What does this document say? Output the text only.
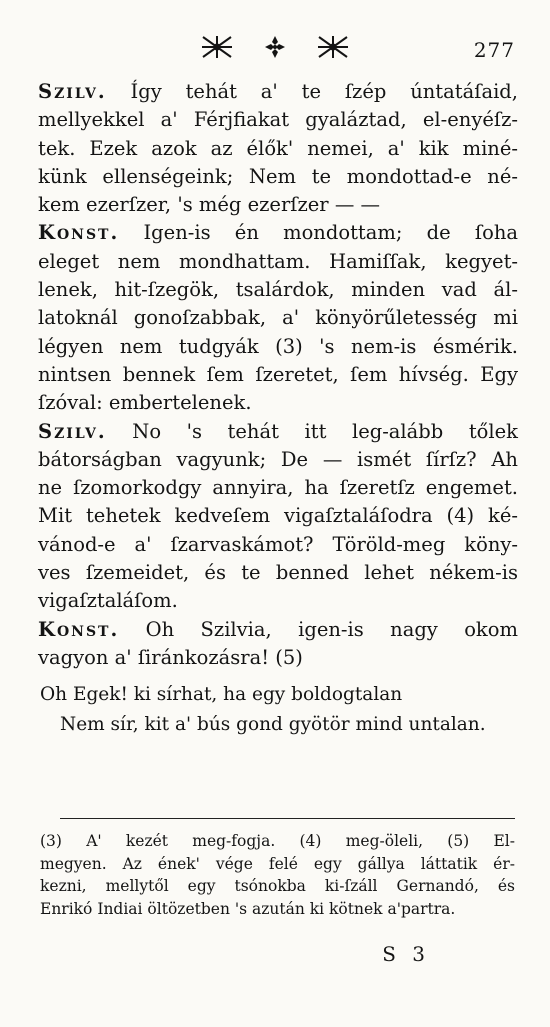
277

Szilv. Így tehát a' te ſzép úntatáſaid,
mellyekkel a' Férjfiakat gyaláztad, el-enyéſz-
tek. Ezek azok az élők' nemei, a' kik miné-
künk ellenségeink; Nem te mondottad-e né-
kem ezerſzer, 's még ezerſzer — —

Konst. Igen-is én mondottam; de ſoha
eleget nem mondhattam. Hamiſſak, kegyet-
lenek, hit-ſzegök, tsalárdok, minden vad ál-
latoknál gonoſzabbak, a' könyörűletesség mi
légyen nem tudgyák (3) 's nem-is ésmérik.
nintsen bennek ſem ſzeretet, ſem hívség. Egy
ſzóval: embertelenek.

Szilv. No 's tehát itt leg-alább tőlek
bátorságban vagyunk; De — ismét ſírſz? Ah
ne ſzomorkodgy annyira, ha ſzeretſz engemet.
Mit tehetek kedveſem vigaſztaláſodra (4) ké-
vánod-e a' ſzarvaskámot? Töröld-meg köny-
ves ſzemeidet, és te benned lehet nékem-is
vigaſztaláſom.

Konst. Oh Szilvia, igen-is nagy okom
vagyon a' ſiránkozásra! (5)

Oh Egek! ki sírhat, ha egy boldogtalan
Nem sír, kit a' bús gond gyötör mind untalan.
(3) A' kezét meg-fogja. (4) meg-öleli, (5) El-
megyen. Az ének' vége felé egy gállya láttatik ér-
kezni, mellytől egy tsónokba ki-ſzáll Gernandó, és
Enrikó Indiai öltözetben 's azután ki kötnek a'partra.
S 3
